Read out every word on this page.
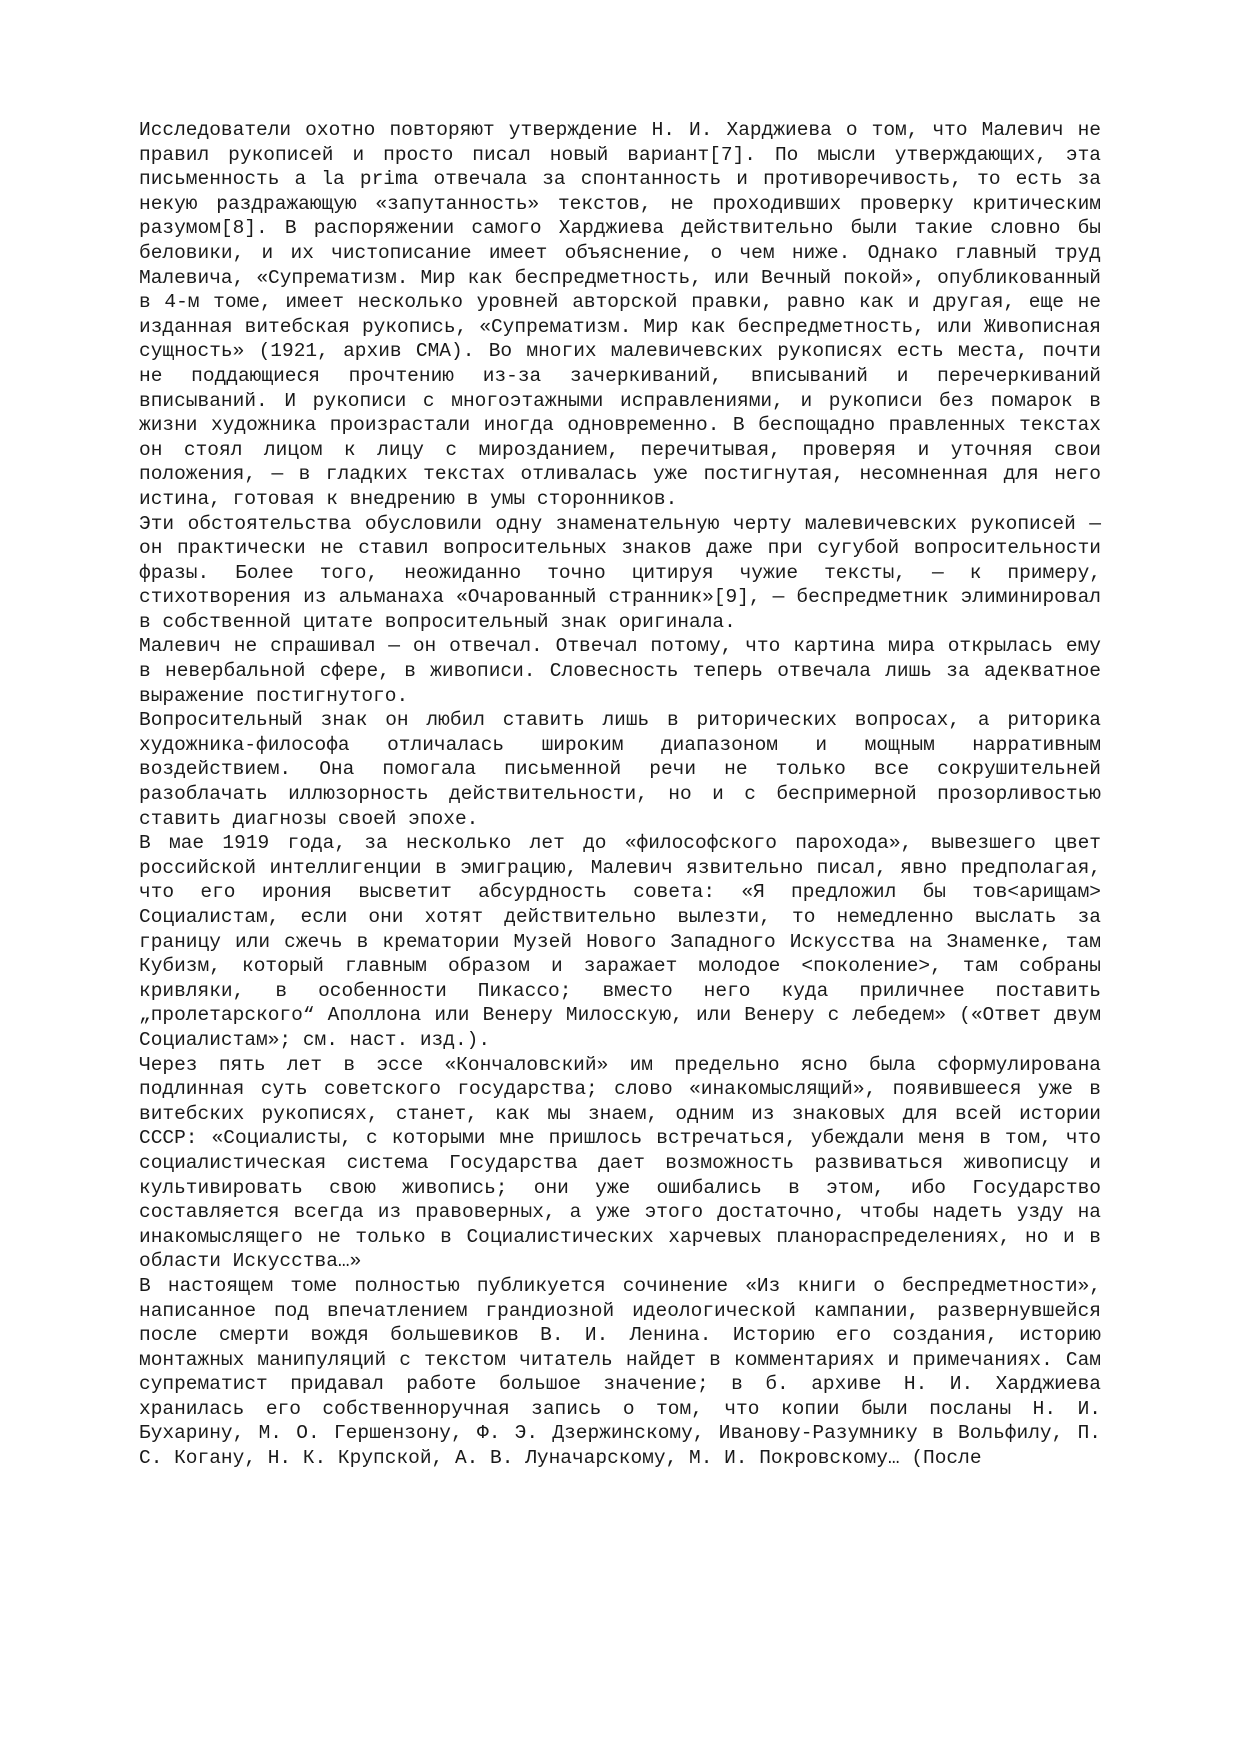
Исследователи охотно повторяют утверждение Н. И. Харджиева о том, что Малевич не правил рукописей и просто писал новый вариант[7]. По мысли утверждающих, эта письменность a la prima отвечала за спонтанность и противоречивость, то есть за некую раздражающую «запутанность» текстов, не проходивших проверку критическим разумом[8]. В распоряжении самого Харджиева действительно были такие словно бы беловики, и их чистописание имеет объяснение, о чем ниже. Однако главный труд Малевича, «Супрематизм. Мир как беспредметность, или Вечный покой», опубликованный в 4-м томе, имеет несколько уровней авторской правки, равно как и другая, еще не изданная витебская рукопись, «Супрематизм. Мир как беспредметность, или Живописная сущность» (1921, архив СМА). Во многих малевичевских рукописях есть места, почти не поддающиеся прочтению из-за зачеркиваний, вписываний и перечеркиваний вписываний. И рукописи с многоэтажными исправлениями, и рукописи без помарок в жизни художника произрастали иногда одновременно. В беспощадно правленных текстах он стоял лицом к лицу с мирозданием, перечитывая, проверяя и уточняя свои положения, — в гладких текстах отливалась уже постигнутая, несомненная для него истина, готовая к внедрению в умы сторонников.

Эти обстоятельства обусловили одну знаменательную черту малевичевских рукописей — он практически не ставил вопросительных знаков даже при сугубой вопросительности фразы. Более того, неожиданно точно цитируя чужие тексты, — к примеру, стихотворения из альманаха «Очарованный странник»[9], — беспредметник элиминировал в собственной цитате вопросительный знак оригинала.

Малевич не спрашивал — он отвечал. Отвечал потому, что картина мира открылась ему в невербальной сфере, в живописи. Словесность теперь отвечала лишь за адекватное выражение постигнутого.

Вопросительный знак он любил ставить лишь в риторических вопросах, а риторика художника-философа отличалась широким диапазоном и мощным нарративным воздействием. Она помогала письменной речи не только все сокрушительней разоблачать иллюзорность действительности, но и с беспримерной прозорливостью ставить диагнозы своей эпохе.

В мае 1919 года, за несколько лет до «философского парохода», вывезшего цвет российской интеллигенции в эмиграцию, Малевич язвительно писал, явно предполагая, что его ирония высветит абсурдность совета: «Я предложил бы тов<арищам> Социалистам, если они хотят действительно вылезти, то немедленно выслать за границу или сжечь в крематории Музей Нового Западного Искусства на Знаменке, там Кубизм, который главным образом и заражает молодое <поколение>, там собраны кривляки, в особенности Пикассо; вместо него куда приличнее поставить „пролетарского“ Аполлона или Венеру Милосскую, или Венеру с лебедем» («Ответ двум Социалистам»; см. наст. изд.).

Через пять лет в эссе «Кончаловский» им предельно ясно была сформулирована подлинная суть советского государства; слово «инакомыслящий», появившееся уже в витебских рукописях, станет, как мы знаем, одним из знаковых для всей истории СССР: «Социалисты, с которыми мне пришлось встречаться, убеждали меня в том, что социалистическая система Государства дает возможность развиваться живописцу и культивировать свою живопись; они уже ошибались в этом, ибо Государство составляется всегда из правоверных, а уже этого достаточно, чтобы надеть узду на инакомыслящего не только в Социалистических харчевых планораспределениях, но и в области Искусства…»

В настоящем томе полностью публикуется сочинение «Из книги о беспредметности», написанное под впечатлением грандиозной идеологической кампании, развернувшейся после смерти вождя большевиков В. И. Ленина. Историю его создания, историю монтажных манипуляций с текстом читатель найдет в комментариях и примечаниях. Сам супрематист придавал работе большое значение; в б. архиве Н. И. Харджиева хранилась его собственноручная запись о том, что копии были посланы Н. И. Бухарину, М. О. Гершензону, Ф. Э. Дзержинскому, Иванову-Разумнику в Вольфилу, П. С. Когану, Н. К. Крупской, А. В. Луначарскому, М. И. Покровскому… (После
